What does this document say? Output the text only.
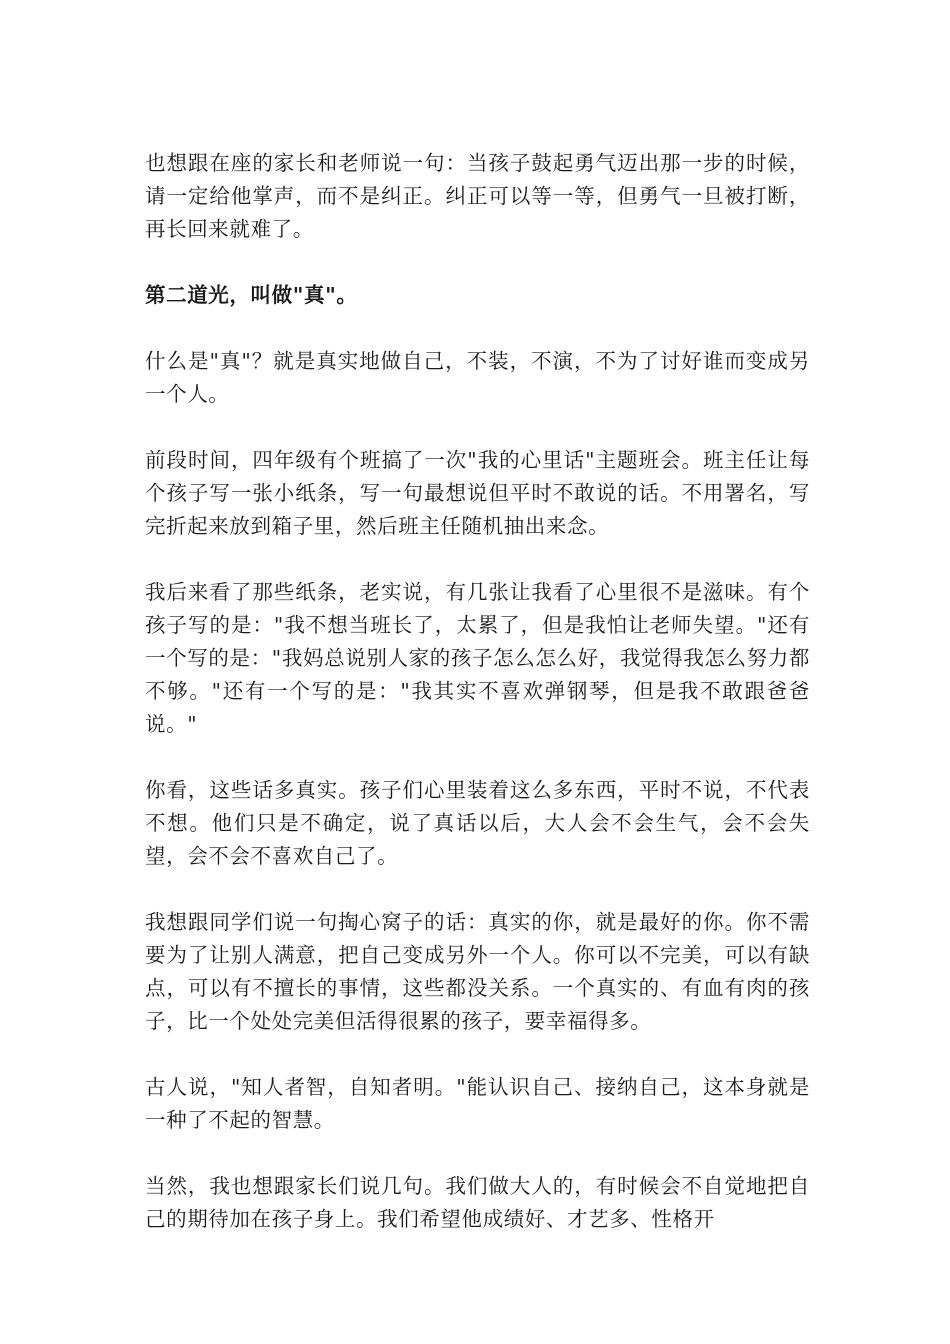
也想跟在座的家长和老师说一句：当孩子鼓起勇气迈出那一步的时候，请一定给他掌声，而不是纠正。纠正可以等一等，但勇气一旦被打断，再长回来就难了。

第二道光，叫做"真"。

什么是"真"？就是真实地做自己，不装，不演，不为了讨好谁而变成另一个人。

前段时间，四年级有个班搞了一次"我的心里话"主题班会。班主任让每个孩子写一张小纸条，写一句最想说但平时不敢说的话。不用署名，写完折起来放到箱子里，然后班主任随机抽出来念。

我后来看了那些纸条，老实说，有几张让我看了心里很不是滋味。有个孩子写的是："我不想当班长了，太累了，但是我怕让老师失望。"还有一个写的是："我妈总说别人家的孩子怎么怎么好，我觉得我怎么努力都不够。"还有一个写的是："我其实不喜欢弹钢琴，但是我不敢跟爸爸说。"

你看，这些话多真实。孩子们心里装着这么多东西，平时不说，不代表不想。他们只是不确定，说了真话以后，大人会不会生气，会不会失望，会不会不喜欢自己了。

我想跟同学们说一句掏心窝子的话：真实的你，就是最好的你。你不需要为了让别人满意，把自己变成另外一个人。你可以不完美，可以有缺点，可以有不擅长的事情，这些都没关系。一个真实的、有血有肉的孩子，比一个处处完美但活得很累的孩子，要幸福得多。

古人说，"知人者智，自知者明。"能认识自己、接纳自己，这本身就是一种了不起的智慧。

当然，我也想跟家长们说几句。我们做大人的，有时候会不自觉地把自己的期待加在孩子身上。我们希望他成绩好、才艺多、性格开
